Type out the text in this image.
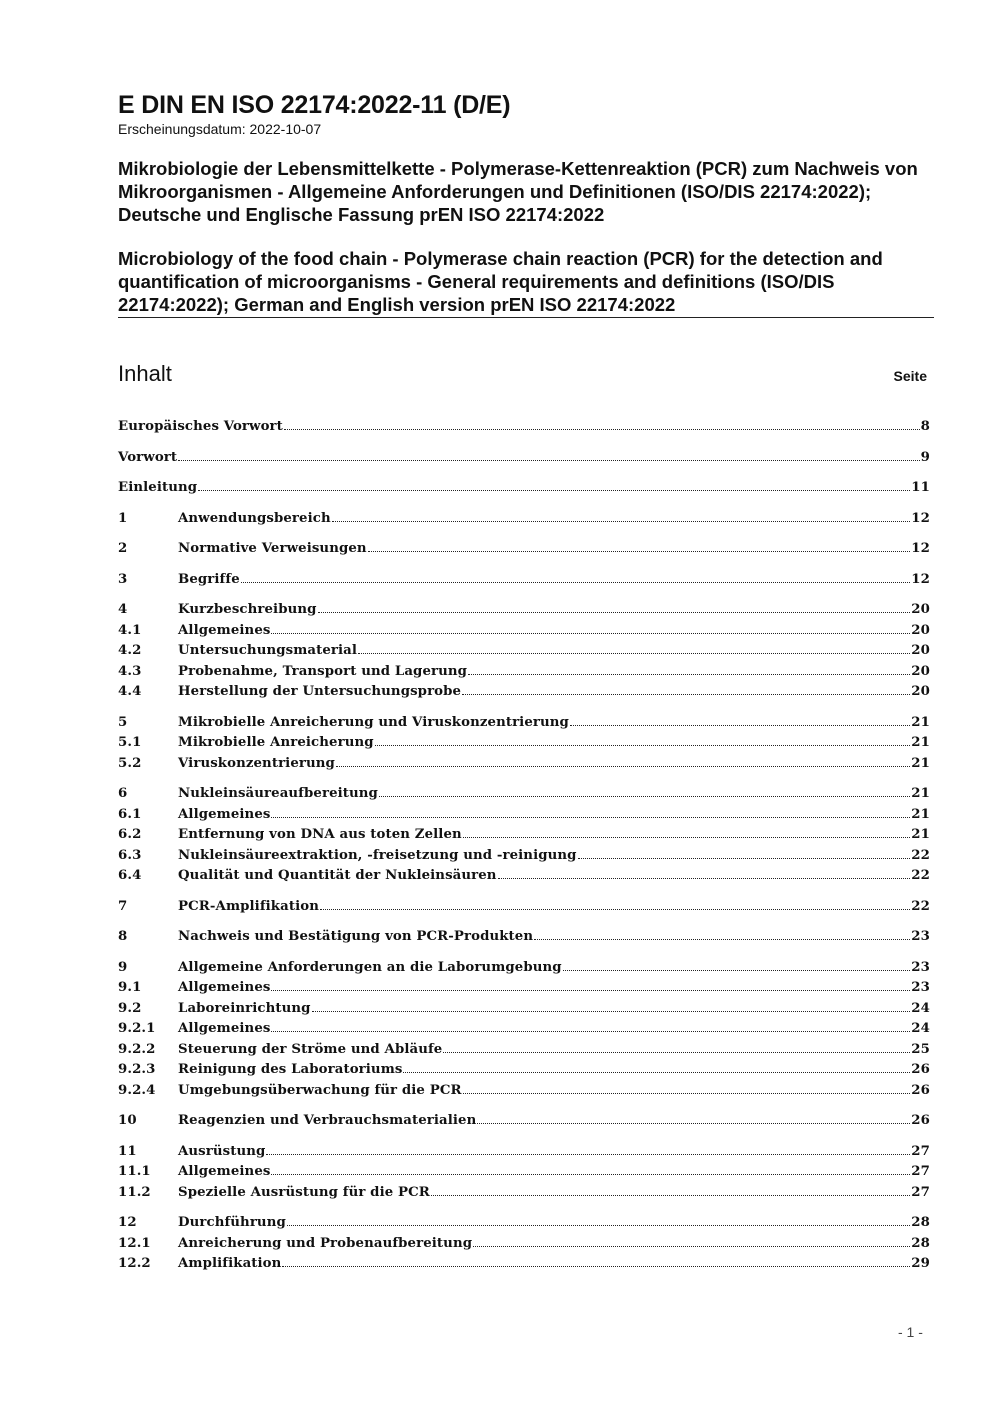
E DIN EN ISO 22174:2022-11 (D/E)

Erscheinungsdatum: 2022-10-07

Mikrobiologie der Lebensmittelkette - Polymerase-Kettenreaktion (PCR) zum Nachweis von Mikroorganismen - Allgemeine Anforderungen und Definitionen (ISO/DIS 22174:2022); Deutsche und Englische Fassung prEN ISO 22174:2022

Microbiology of the food chain - Polymerase chain reaction (PCR) for the detection and quantification of microorganisms - General requirements and definitions (ISO/DIS 22174:2022); German and English version prEN ISO 22174:2022

Inhalt	Seite
Europäisches Vorwort	8
Vorwort	9
Einleitung	11
1	Anwendungsbereich	12
2	Normative Verweisungen	12
3	Begriffe	12
4	Kurzbeschreibung	20
4.1	Allgemeines	20
4.2	Untersuchungsmaterial	20
4.3	Probenahme, Transport und Lagerung	20
4.4	Herstellung der Untersuchungsprobe	20
5	Mikrobielle Anreicherung und Viruskonzentrierung	21
5.1	Mikrobielle Anreicherung	21
5.2	Viruskonzentrierung	21
6	Nukleinsäureaufbereitung	21
6.1	Allgemeines	21
6.2	Entfernung von DNA aus toten Zellen	21
6.3	Nukleinsäureextraktion, -freisetzung und -reinigung	22
6.4	Qualität und Quantität der Nukleinsäuren	22
7	PCR-Amplifikation	22
8	Nachweis und Bestätigung von PCR-Produkten	23
9	Allgemeine Anforderungen an die Laborumgebung	23
9.1	Allgemeines	23
9.2	Laboreinrichtung	24
9.2.1	Allgemeines	24
9.2.2	Steuerung der Ströme und Abläufe	25
9.2.3	Reinigung des Laboratoriums	26
9.2.4	Umgebungsüberwachung für die PCR	26
10	Reagenzien und Verbrauchsmaterialien	26
11	Ausrüstung	27
11.1	Allgemeines	27
11.2	Spezielle Ausrüstung für die PCR	27
12	Durchführung	28
12.1	Anreicherung und Probenaufbereitung	28
12.2	Amplifikation	29
- 1 -
